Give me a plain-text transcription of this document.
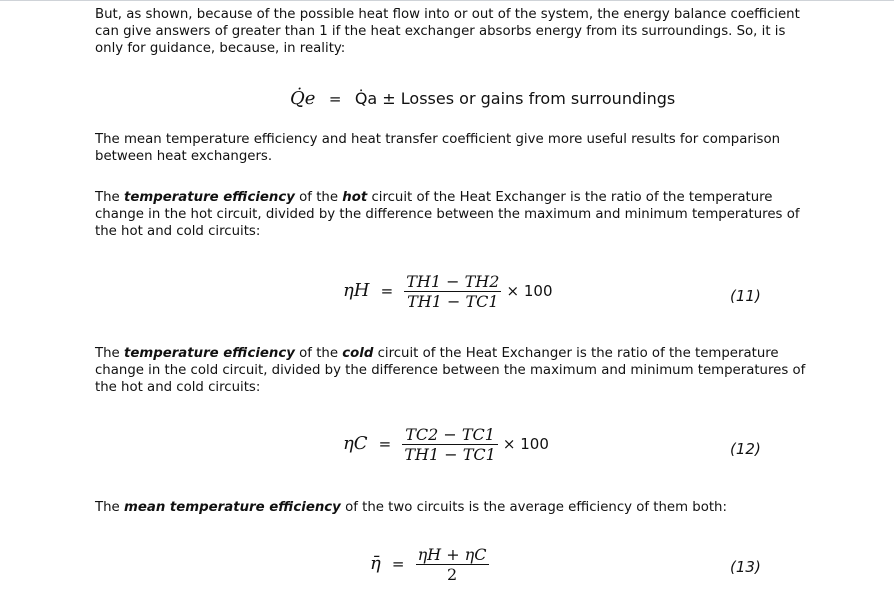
But, as shown, because of the possible heat flow into or out of the system, the energy balance coefficient can give answers of greater than 1 if the heat exchanger absorbs energy from its surroundings. So, it is only for guidance, because, in reality:

Q̇e = Q̇a ± Losses or gains from surroundings

The mean temperature efficiency and heat transfer coefficient give more useful results for comparison between heat exchangers.

The temperature efficiency of the hot circuit of the Heat Exchanger is the ratio of the temperature change in the hot circuit, divided by the difference between the maximum and minimum temperatures of the hot and cold circuits:

$\eta H = \frac{TH1 - TH2}{TH1 - TC1} \times 100$	(11)

The temperature efficiency of the cold circuit of the Heat Exchanger is the ratio of the temperature change in the cold circuit, divided by the difference between the maximum and minimum temperatures of the hot and cold circuits:

$\eta C = \frac{TC2 - TC1}{TH1 - TC1} \times 100$	(12)

The mean temperature efficiency of the two circuits is the average efficiency of them both:

η̄ = $\frac{\eta H + \eta C}{2}$	(13)
